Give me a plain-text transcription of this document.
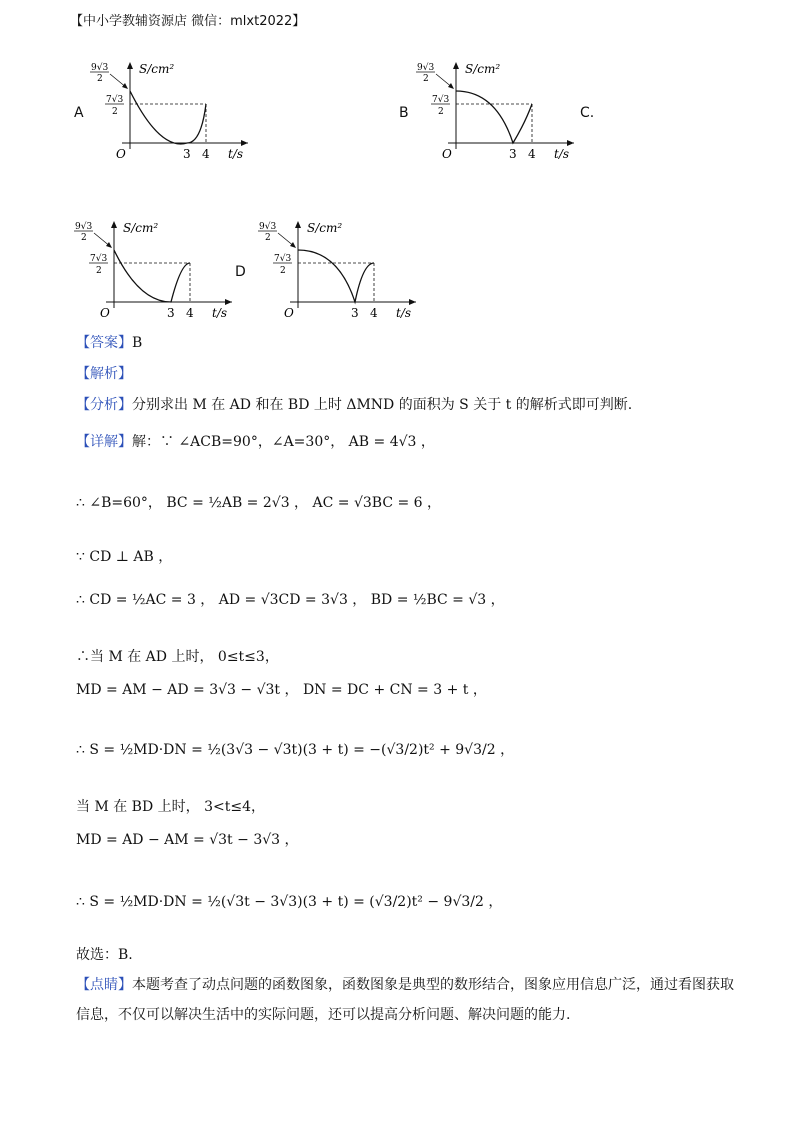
【中小学教辅资源店 微信：mlxt2022】
A	B	C.
D
S/cm²
t/s
O	3 4
9√3
2
7√3
2
S/cm²
t/s
O	3 4
9√3
2
7√3
2
S/cm²
t/s
O	3 4
9√3
2
7√3
2
S/cm²
t/s
O	3 4
9√3
2
7√3
2
【答案】B
【解析】
【分析】分别求出 M 在 AD 和在 BD 上时 ΔMND 的面积为 S 关于 t 的解析式即可判断.
【详解】解：∵ ∠ACB=90°，∠A=30°， AB = 4√3 ，
∴ ∠B=60°， BC = ½AB = 2√3 ， AC = √3BC = 6 ，
∵ CD ⊥ AB ，
∴ CD = ½AC = 3 ， AD = √3CD = 3√3 ， BD = ½BC = √3 ，
∴当 M 在 AD 上时， 0≤t≤3，
MD = AM − AD = 3√3 − √3t ， DN = DC + CN = 3 + t ，
∴ S = ½MD·DN = ½(3√3 − √3t)(3 + t) = −(√3/2)t² + 9√3/2 ，
当 M 在 BD 上时， 3<t≤4，
MD = AD − AM = √3t − 3√3 ，
∴ S = ½MD·DN = ½(√3t − 3√3)(3 + t) = (√3/2)t² − 9√3/2 ，
故选：B.
【点睛】本题考查了动点问题的函数图象，函数图象是典型的数形结合，图象应用信息广泛，通过看图获取信息，不仅可以解决生活中的实际问题，还可以提高分析问题、解决问题的能力.
